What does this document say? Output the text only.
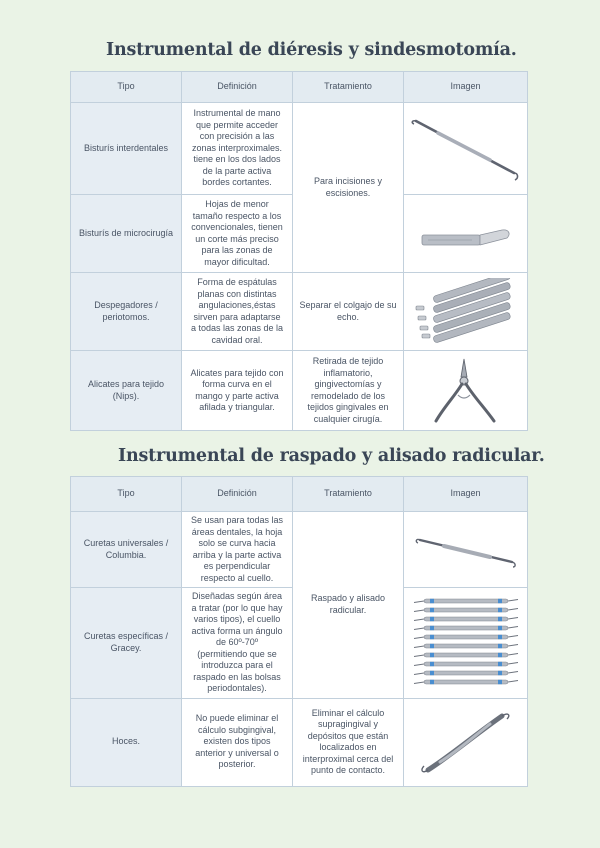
Instrumental de diéresis y sindesmotomía.
Tipo	Definición	Tratamiento	Imagen
Bisturís interdentales	Instrumental de mano que permite acceder con precisión a las zonas interproximales. tiene en los dos lados de la parte activa bordes cortantes.	Para incisiones y escisiones.	

Bisturís de microcirugía	Hojas de menor tamaño respecto a los convencionales, tienen un corte más preciso para las zonas de mayor dificultad.	

Despegadores / periotomos.	Forma de espátulas planas con distintas angulaciones,éstas sirven para adaptarse a todas las zonas de la cavidad oral.	Separar el colgajo de su echo.	

Alicates para tejido (Nips).	Alicates para tejido con forma curva en el mango y parte activa afilada y triangular.	Retirada de tejido inflamatorio, gingivectomías y remodelado de los tejidos gingivales en cualquier cirugía.	
Instrumental de raspado y alisado radicular.
Tipo	Definición	Tratamiento	Imagen
Curetas universales / Columbia.	Se usan para todas las áreas dentales, la hoja solo se curva hacia arriba y la parte activa es perpendicular respecto al cuello.	Raspado y alisado radicular.	

Curetas específicas / Gracey.	Diseñadas según área a tratar (por lo que hay varios tipos), el cuello activa forma un ángulo de 60º-70º (permitiendo que se introduzca para el raspado en las bolsas periodontales).	

Hoces.	No puede eliminar el cálculo subgingival, existen dos tipos anterior y universal o posterior.	Eliminar el cálculo supragingival y depósitos que están localizados en interproximal cerca del punto de contacto.	
